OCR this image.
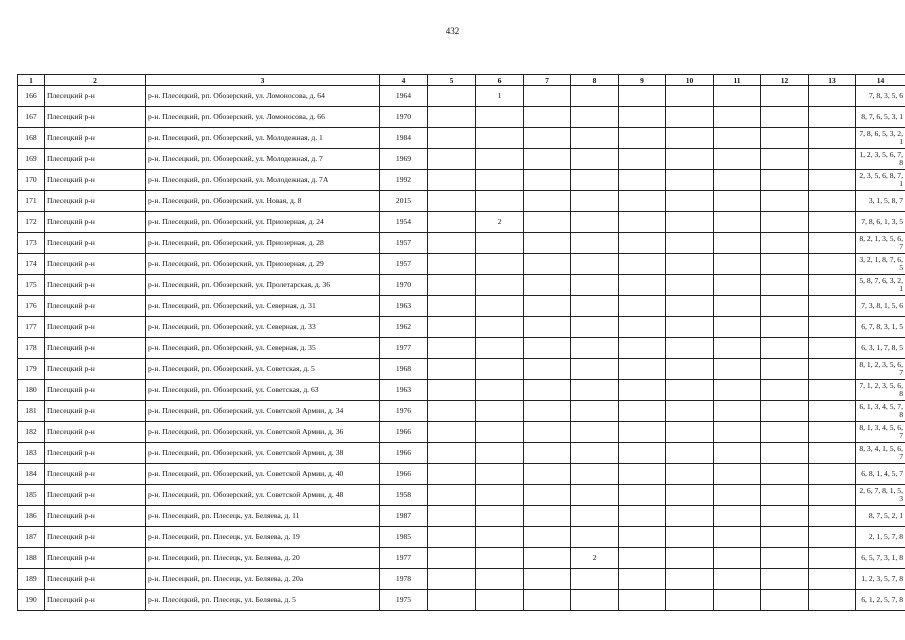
432
1	2	3	4	5	6	7	8	9	10	11	12	13	14
166	Плесецкий р-н	р-н. Плесецкий, рп. Обозерский, ул. Ломоносова, д. 64	1964		1								7, 8, 3, 5, 6
167	Плесецкий р-н	р-н. Плесецкий, рп. Обозерский, ул. Ломоносова, д. 66	1970										8, 7, 6, 5, 3, 1
168	Плесецкий р-н	р-н. Плесецкий, рп. Обозерский, ул. Молодежная, д. 1	1984										7, 8, 6, 5, 3, 2, 1
169	Плесецкий р-н	р-н. Плесецкий, рп. Обозерский, ул. Молодежная, д. 7	1969										1, 2, 3, 5, 6, 7, 8
170	Плесецкий р-н	р-н. Плесецкий, рп. Обозерский, ул. Молодежная, д. 7А	1992										2, 3, 5, 6, 8, 7, 1
171	Плесецкий р-н	р-н. Плесецкий, рп. Обозерский, ул. Новая, д. 8	2015										3, 1, 5, 8, 7
172	Плесецкий р-н	р-н. Плесецкий, рп. Обозерский, ул. Приозерная, д. 24	1954		2								7, 8, 6, 1, 3, 5
173	Плесецкий р-н	р-н. Плесецкий, рп. Обозерский, ул. Приозерная, д. 28	1957										8, 2, 1, 3, 5, 6, 7
174	Плесецкий р-н	р-н. Плесецкий, рп. Обозерский, ул. Приозерная, д. 29	1957										3, 2, 1, 8, 7, 6, 5
175	Плесецкий р-н	р-н. Плесецкий, рп. Обозерский, ул. Пролетарская, д. 36	1970										5, 8, 7, 6, 3, 2, 1
176	Плесецкий р-н	р-н. Плесецкий, рп. Обозерский, ул. Северная, д. 31	1963										7, 3, 8, 1, 5, 6
177	Плесецкий р-н	р-н. Плесецкий, рп. Обозерский, ул. Северная, д. 33	1962										6, 7, 8, 3, 1, 5
178	Плесецкий р-н	р-н. Плесецкий, рп. Обозерский, ул. Северная, д. 35	1977										6, 3, 1, 7, 8, 5
179	Плесецкий р-н	р-н. Плесецкий, рп. Обозерский, ул. Советская, д. 5	1968										8, 1, 2, 3, 5, 6, 7
180	Плесецкий р-н	р-н. Плесецкий, рп. Обозерский, ул. Советская, д. 63	1963										7, 1, 2, 3, 5, 6, 8
181	Плесецкий р-н	р-н. Плесецкий, рп. Обозерский, ул. Советской Армии, д. 34	1976										6, 1, 3, 4, 5, 7, 8
182	Плесецкий р-н	р-н. Плесецкий, рп. Обозерский, ул. Советской Армии, д. 36	1966										8, 1, 3, 4, 5, 6, 7
183	Плесецкий р-н	р-н. Плесецкий, рп. Обозерский, ул. Советской Армии, д. 38	1966										8, 3, 4, 1, 5, 6, 7
184	Плесецкий р-н	р-н. Плесецкий, рп. Обозерский, ул. Советской Армии, д. 40	1966										6, 8, 1, 4, 5, 7
185	Плесецкий р-н	р-н. Плесецкий, рп. Обозерский, ул. Советской Армии, д. 48	1958										2, 6, 7, 8, 1, 5, 3
186	Плесецкий р-н	р-н. Плесецкий, рп. Плесецк, ул. Беляева, д. 11	1987										8, 7, 5, 2, 1
187	Плесецкий р-н	р-н. Плесецкий, рп. Плесецк, ул. Беляева, д. 19	1985										2, 1, 5, 7, 8
188	Плесецкий р-н	р-н. Плесецкий, рп. Плесецк, ул. Беляева, д. 20	1977				2						6, 5, 7, 3, 1, 8
189	Плесецкий р-н	р-н. Плесецкий, рп. Плесецк, ул. Беляева, д. 20а	1978										1, 2, 3, 5, 7, 8
190	Плесецкий р-н	р-н. Плесецкий, рп. Плесецк, ул. Беляева, д. 5	1975										6, 1, 2, 5, 7, 8
